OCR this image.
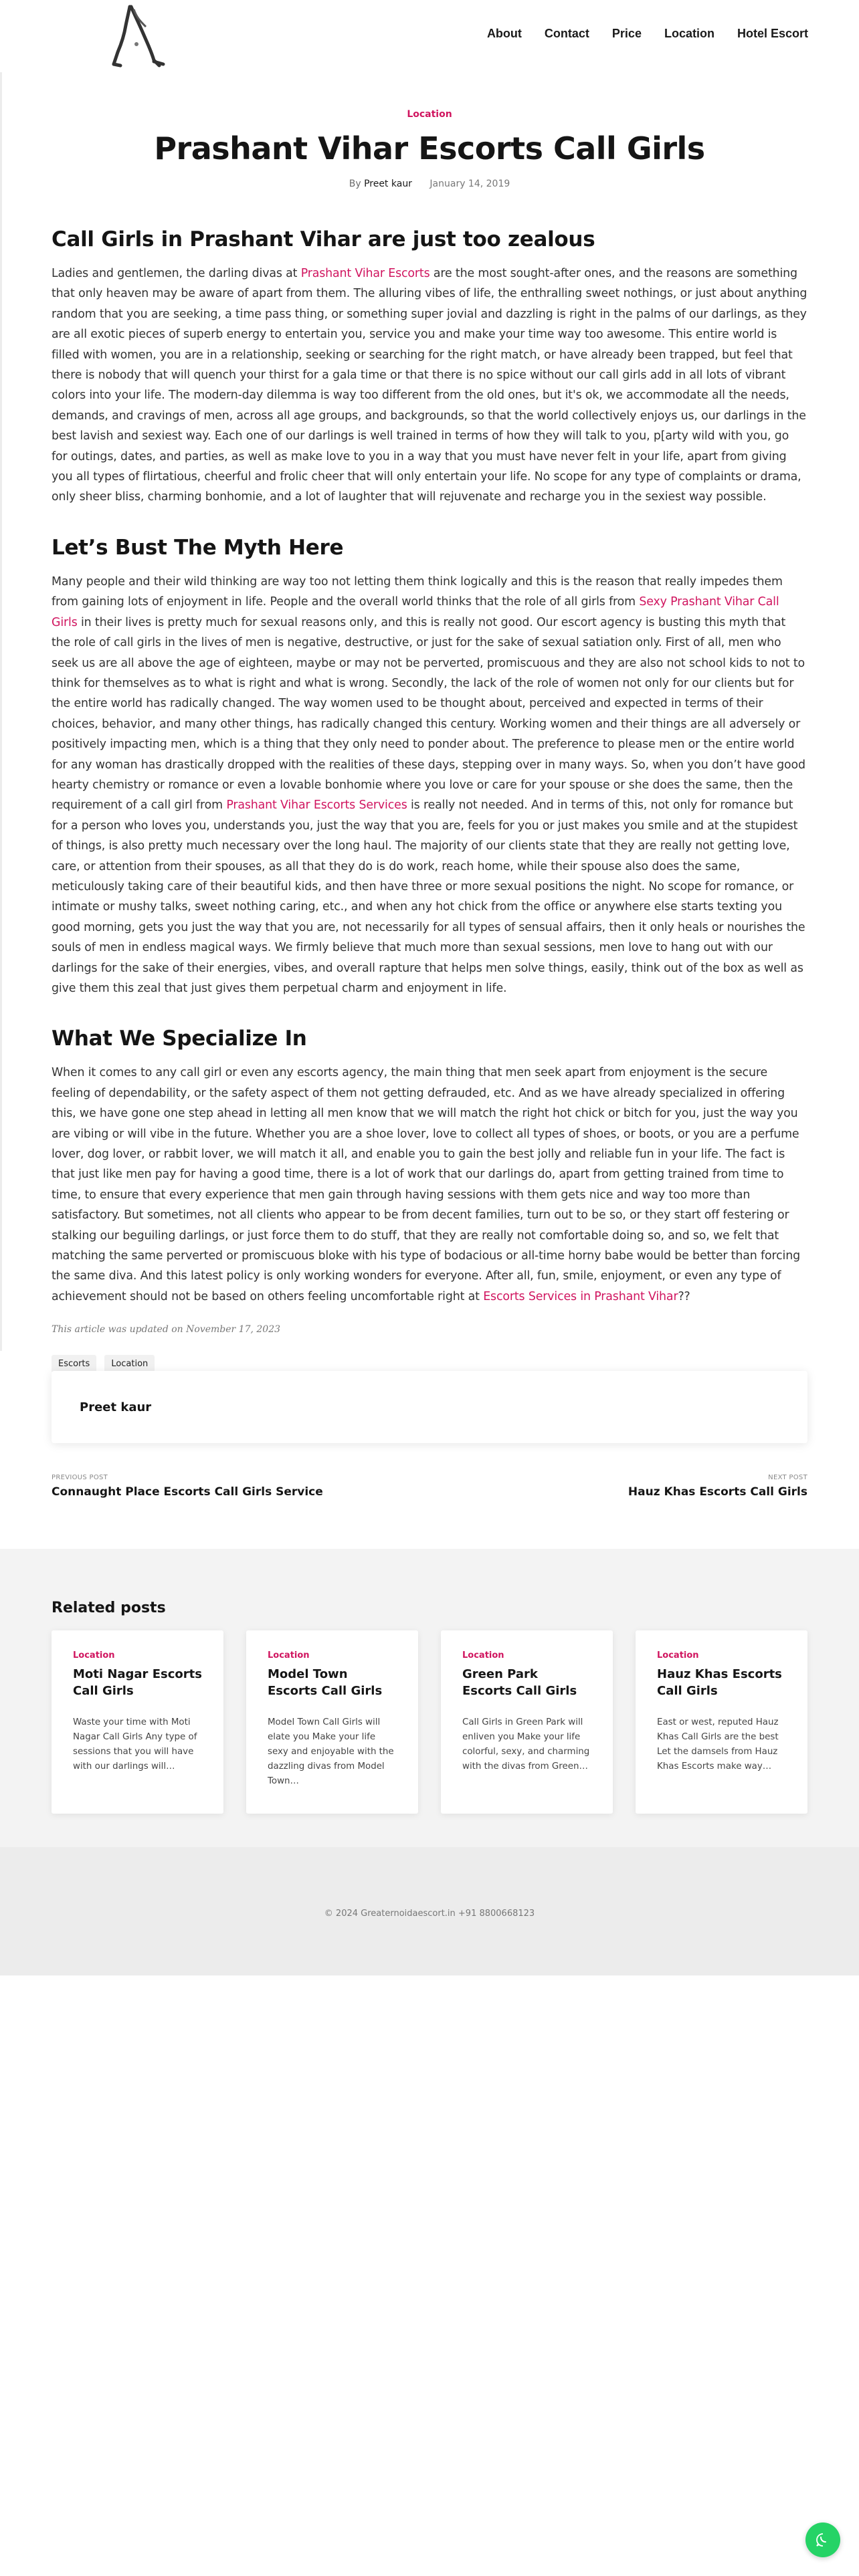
About Contact Price Location Hotel Escort
Location
Prashant Vihar Escorts Call Girls
By Preet kaur January 14, 2019
Call Girls in Prashant Vihar are just too zealous

Ladies and gentlemen, the darling divas at Prashant Vihar Escorts are the most sought-after ones, and the reasons are something that only heaven may be aware of apart from them. The alluring vibes of life, the enthralling sweet nothings, or just about anything random that you are seeking, a time pass thing, or something super jovial and dazzling is right in the palms of our darlings, as they are all exotic pieces of superb energy to entertain you, service you and make your time way too awesome. This entire world is filled with women, you are in a relationship, seeking or searching for the right match, or have already been trapped, but feel that there is nobody that will quench your thirst for a gala time or that there is no spice without our call girls add in all lots of vibrant colors into your life. The modern-day dilemma is way too different from the old ones, but it's ok, we accommodate all the needs, demands, and cravings of men, across all age groups, and backgrounds, so that the world collectively enjoys us, our darlings in the best lavish and sexiest way. Each one of our darlings is well trained in terms of how they will talk to you, p[arty wild with you, go for outings, dates, and parties, as well as make love to you in a way that you must have never felt in your life, apart from giving you all types of flirtatious, cheerful and frolic cheer that will only entertain your life. No scope for any type of complaints or drama, only sheer bliss, charming bonhomie, and a lot of laughter that will rejuvenate and recharge you in the sexiest way possible.

Let’s Bust The Myth Here

Many people and their wild thinking are way too not letting them think logically and this is the reason that really impedes them from gaining lots of enjoyment in life. People and the overall world thinks that the role of all girls from Sexy Prashant Vihar Call Girls in their lives is pretty much for sexual reasons only, and this is really not good. Our escort agency is busting this myth that the role of call girls in the lives of men is negative, destructive, or just for the sake of sexual satiation only. First of all, men who seek us are all above the age of eighteen, maybe or may not be perverted, promiscuous and they are also not school kids to not to think for themselves as to what is right and what is wrong. Secondly, the lack of the role of women not only for our clients but for the entire world has radically changed. The way women used to be thought about, perceived and expected in terms of their choices, behavior, and many other things, has radically changed this century. Working women and their things are all adversely or positively impacting men, which is a thing that they only need to ponder about. The preference to please men or the entire world for any woman has drastically dropped with the realities of these days, stepping over in many ways. So, when you don’t have good hearty chemistry or romance or even a lovable bonhomie where you love or care for your spouse or she does the same, then the requirement of a call girl from Prashant Vihar Escorts Services is really not needed. And in terms of this, not only for romance but for a person who loves you, understands you, just the way that you are, feels for you or just makes you smile and at the stupidest of things, is also pretty much necessary over the long haul. The majority of our clients state that they are really not getting love, care, or attention from their spouses, as all that they do is do work, reach home, while their spouse also does the same, meticulously taking care of their beautiful kids, and then have three or more sexual positions the night. No scope for romance, or intimate or mushy talks, sweet nothing caring, etc., and when any hot chick from the office or anywhere else starts texting you good morning, gets you just the way that you are, not necessarily for all types of sensual affairs, then it only heals or nourishes the souls of men in endless magical ways. We firmly believe that much more than sexual sessions, men love to hang out with our darlings for the sake of their energies, vibes, and overall rapture that helps men solve things, easily, think out of the box as well as give them this zeal that just gives them perpetual charm and enjoyment in life.

What We Specialize In

When it comes to any call girl or even any escorts agency, the main thing that men seek apart from enjoyment is the secure feeling of dependability, or the safety aspect of them not getting defrauded, etc. And as we have already specialized in offering this, we have gone one step ahead in letting all men know that we will match the right hot chick or bitch for you, just the way you are vibing or will vibe in the future. Whether you are a shoe lover, love to collect all types of shoes, or boots, or you are a perfume lover, dog lover, or rabbit lover, we will match it all, and enable you to gain the best jolly and reliable fun in your life. The fact is that just like men pay for having a good time, there is a lot of work that our darlings do, apart from getting trained from time to time, to ensure that every experience that men gain through having sessions with them gets nice and way too more than satisfactory. But sometimes, not all clients who appear to be from decent families, turn out to be so, or they start off festering or stalking our beguiling darlings, or just force them to do stuff, that they are really not comfortable doing so, and so, we felt that matching the same perverted or promiscuous bloke with his type of bodacious or all-time horny babe would be better than forcing the same diva. And this latest policy is only working wonders for everyone. After all, fun, smile, enjoyment, or even any type of achievement should not be based on others feeling uncomfortable right at Escorts Services in Prashant Vihar??

This article was updated on November 17, 2023
Escorts	Location
Preet kaur
PREVIOUS POST
Connaught Place Escorts Call Girls Service
NEXT POST
Hauz Khas Escorts Call Girls
Related posts
Location
Moti Nagar Escorts Call Girls
Waste your time with Moti Nagar Call Girls Any type of sessions that you will have with our darlings will…
Location
Model Town Escorts Call Girls
Model Town Call Girls will elate you Make your life sexy and enjoyable with the dazzling divas from Model Town…
Location
Green Park Escorts Call Girls
Call Girls in Green Park will enliven you Make your life colorful, sexy, and charming with the divas from Green…
Location
Hauz Khas Escorts Call Girls
East or west, reputed Hauz Khas Call Girls are the best Let the damsels from Hauz Khas Escorts make way…
© 2024 Greaternoidaescort.in +91 8800668123
